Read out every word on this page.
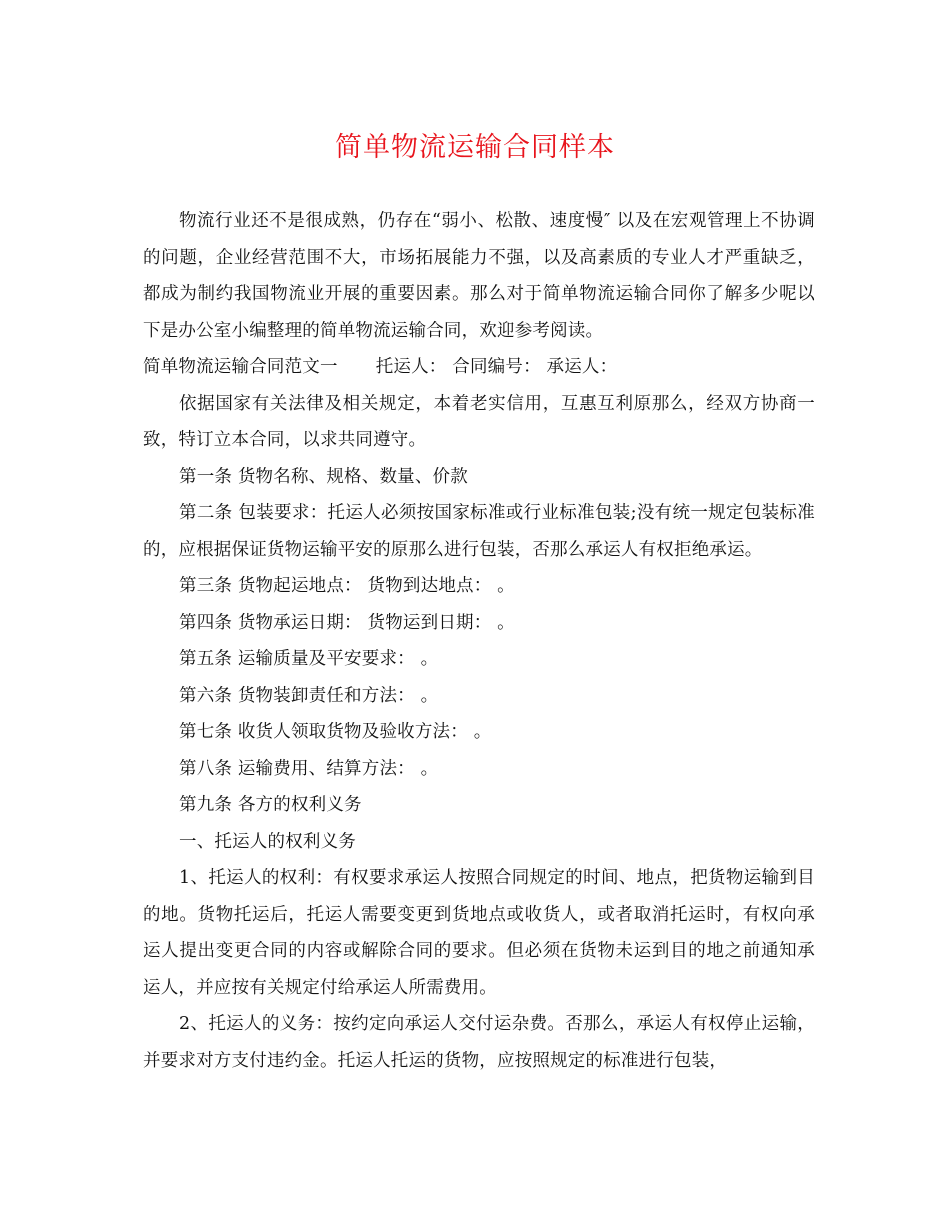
简单物流运输合同样本

物流行业还不是很成熟，仍存在“弱小、松散、速度慢″ 以及在宏观管理上不协调的问题，企业经营范围不大，市场拓展能力不强，以及高素质的专业人才严重缺乏，都成为制约我国物流业开展的重要因素。那么对于简单物流运输合同你了解多少呢以下是办公室小编整理的简单物流运输合同，欢迎参考阅读。

简单物流运输合同范文一 托运人： 合同编号： 承运人：

依据国家有关法律及相关规定，本着老实信用，互惠互利原那么，经双方协商一致，特订立本合同，以求共同遵守。

第一条 货物名称、规格、数量、价款

第二条 包装要求：托运人必须按国家标准或行业标准包装;没有统一规定包装标准的，应根据保证货物运输平安的原那么进行包装，否那么承运人有权拒绝承运。

第三条 货物起运地点： 货物到达地点： 。

第四条 货物承运日期： 货物运到日期： 。

第五条 运输质量及平安要求： 。

第六条 货物装卸责任和方法： 。

第七条 收货人领取货物及验收方法： 。

第八条 运输费用、结算方法： 。

第九条 各方的权利义务

一、托运人的权利义务

1、托运人的权利：有权要求承运人按照合同规定的时间、地点，把货物运输到目的地。货物托运后，托运人需要变更到货地点或收货人，或者取消托运时，有权向承运人提出变更合同的内容或解除合同的要求。但必须在货物未运到目的地之前通知承运人，并应按有关规定付给承运人所需费用。

2、托运人的义务：按约定向承运人交付运杂费。否那么，承运人有权停止运输，并要求对方支付违约金。托运人托运的货物，应按照规定的标准进行包装，
